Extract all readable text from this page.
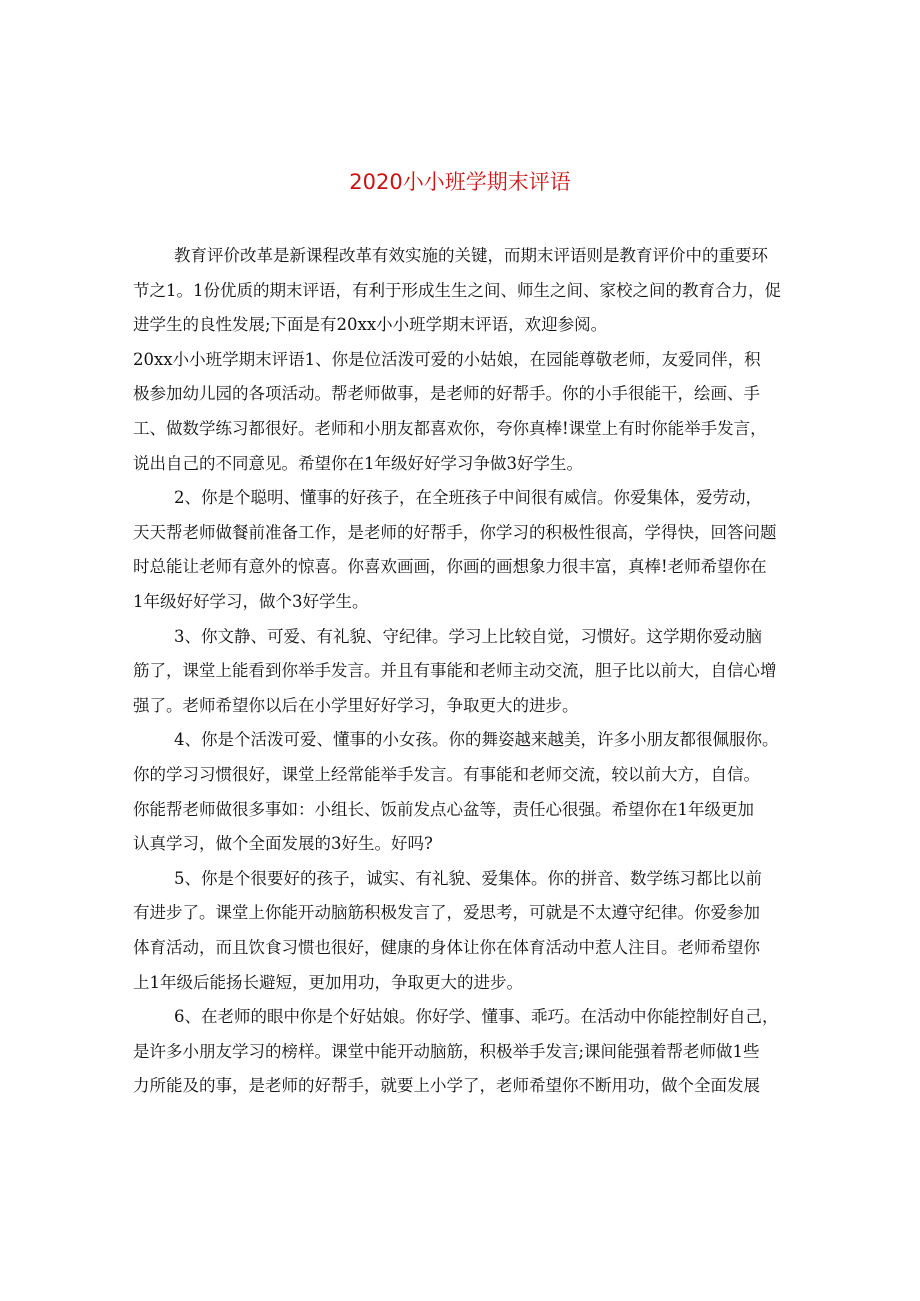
2020小小班学期末评语
教育评价改革是新课程改革有效实施的关键，而期末评语则是教育评价中的重要环
节之1。1份优质的期末评语，有利于形成生生之间、师生之间、家校之间的教育合力，促
进学生的良性发展;下面是有20xx小小班学期末评语，欢迎参阅。
20xx小小班学期末评语1、你是位活泼可爱的小姑娘，在园能尊敬老师，友爱同伴，积
极参加幼儿园的各项活动。帮老师做事，是老师的好帮手。你的小手很能干，绘画、手
工、做数学练习都很好。老师和小朋友都喜欢你，夸你真棒!课堂上有时你能举手发言，
说出自己的不同意见。希望你在1年级好好学习争做3好学生。
2、你是个聪明、懂事的好孩子，在全班孩子中间很有威信。你爱集体，爱劳动，
天天帮老师做餐前准备工作，是老师的好帮手，你学习的积极性很高，学得快，回答问题
时总能让老师有意外的惊喜。你喜欢画画，你画的画想象力很丰富，真棒!老师希望你在
1年级好好学习，做个3好学生。
3、你文静、可爱、有礼貌、守纪律。学习上比较自觉，习惯好。这学期你爱动脑
筋了，课堂上能看到你举手发言。并且有事能和老师主动交流，胆子比以前大，自信心增
强了。老师希望你以后在小学里好好学习，争取更大的进步。
4、你是个活泼可爱、懂事的小女孩。你的舞姿越来越美，许多小朋友都很佩服你。
你的学习习惯很好，课堂上经常能举手发言。有事能和老师交流，较以前大方，自信。
你能帮老师做很多事如：小组长、饭前发点心盆等，责任心很强。希望你在1年级更加
认真学习，做个全面发展的3好生。好吗?
5、你是个很要好的孩子，诚实、有礼貌、爱集体。你的拼音、数学练习都比以前
有进步了。课堂上你能开动脑筋积极发言了，爱思考，可就是不太遵守纪律。你爱参加
体育活动，而且饮食习惯也很好，健康的身体让你在体育活动中惹人注目。老师希望你
上1年级后能扬长避短，更加用功，争取更大的进步。
6、在老师的眼中你是个好姑娘。你好学、懂事、乖巧。在活动中你能控制好自己，
是许多小朋友学习的榜样。课堂中能开动脑筋，积极举手发言;课间能强着帮老师做1些
力所能及的事，是老师的好帮手，就要上小学了，老师希望你不断用功，做个全面发展
